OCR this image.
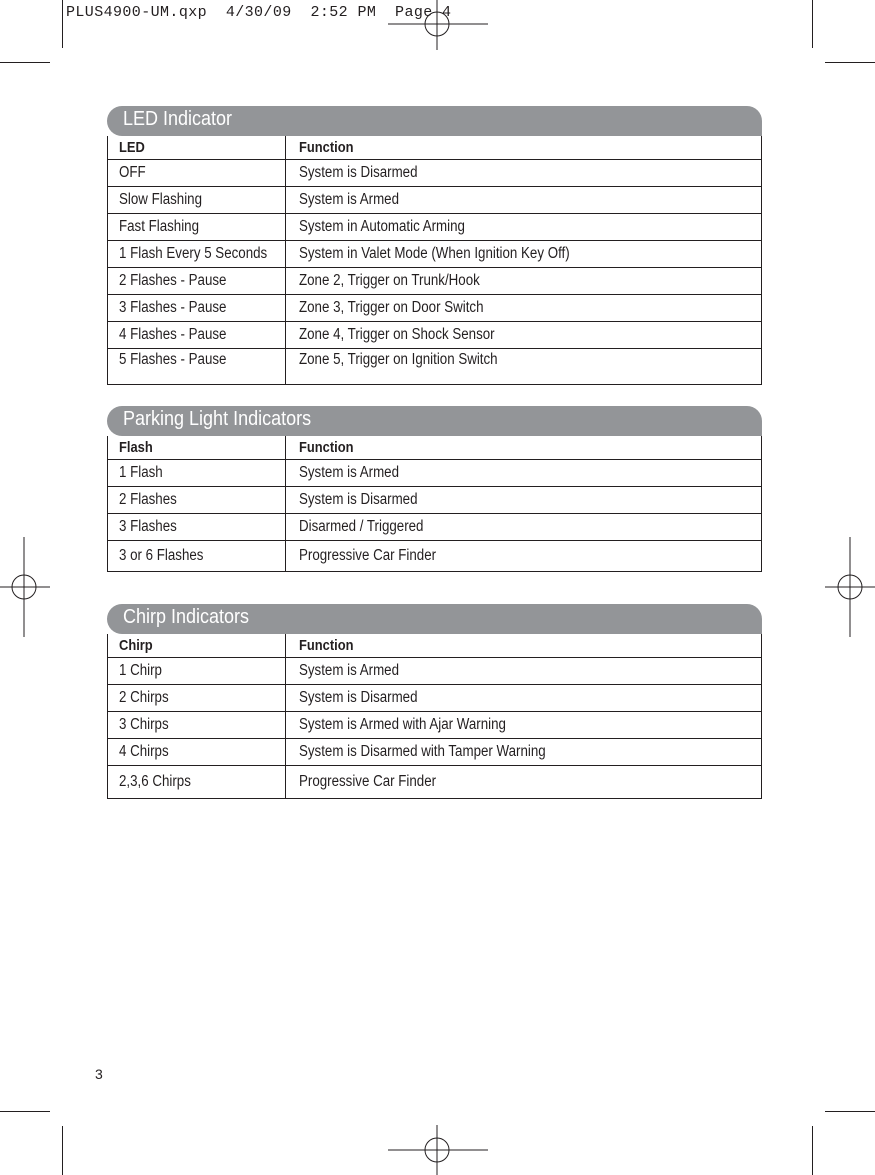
PLUS4900-UM.qxp  4/30/09  2:52 PM  Page 4
LED Indicator
LED	Function
OFF	System is Disarmed
Slow Flashing	System is Armed
Fast Flashing	System in Automatic Arming
1 Flash Every 5 Seconds	System in Valet Mode (When Ignition Key Off)
2 Flashes - Pause	Zone 2, Trigger on Trunk/Hook
3 Flashes - Pause	Zone 3, Trigger on Door Switch
4 Flashes - Pause	Zone 4, Trigger on Shock Sensor
5 Flashes - Pause	Zone 5, Trigger on Ignition Switch
Parking Light Indicators
Flash	Function
1 Flash	System is Armed
2 Flashes	System is Disarmed
3 Flashes	Disarmed / Triggered
3 or 6 Flashes	Progressive Car Finder
Chirp Indicators
Chirp	Function
1 Chirp	System is Armed
2 Chirps	System is Disarmed
3 Chirps	System is Armed with Ajar Warning
4 Chirps	System is Disarmed with Tamper Warning
2,3,6 Chirps	Progressive Car Finder
3
